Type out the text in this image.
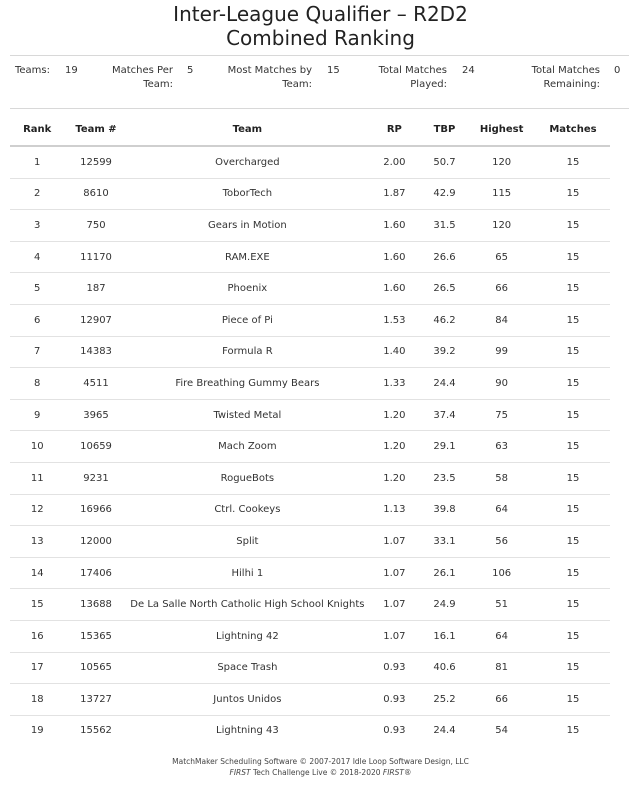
Inter-League Qualifier – R2D2
Combined Ranking
Teams: 19	Matches Per
Team:
5	Most Matches by
Team:
15	Total Matches
Played:
24	Total Matches
Remaining:
0
Rank	Team #	Team	RP	TBP	Highest	Matches
1	12599	Overcharged	2.00	50.7	120	15
2	8610	ToborTech	1.87	42.9	115	15
3	750	Gears in Motion	1.60	31.5	120	15
4	11170	RAM.EXE	1.60	26.6	65	15
5	187	Phoenix	1.60	26.5	66	15
6	12907	Piece of Pi	1.53	46.2	84	15
7	14383	Formula R	1.40	39.2	99	15
8	4511	Fire Breathing Gummy Bears	1.33	24.4	90	15
9	3965	Twisted Metal	1.20	37.4	75	15
10	10659	Mach Zoom	1.20	29.1	63	15
11	9231	RogueBots	1.20	23.5	58	15
12	16966	Ctrl. Cookeys	1.13	39.8	64	15
13	12000	Split	1.07	33.1	56	15
14	17406	Hilhi 1	1.07	26.1	106	15
15	13688	De La Salle North Catholic High School Knights	1.07	24.9	51	15
16	15365	Lightning 42	1.07	16.1	64	15
17	10565	Space Trash	0.93	40.6	81	15
18	13727	Juntos Unidos	0.93	25.2	66	15
19	15562	Lightning 43	0.93	24.4	54	15
MatchMaker Scheduling Software © 2007-2017 Idle Loop Software Design, LLC
FIRST Tech Challenge Live © 2018-2020 FIRST®
